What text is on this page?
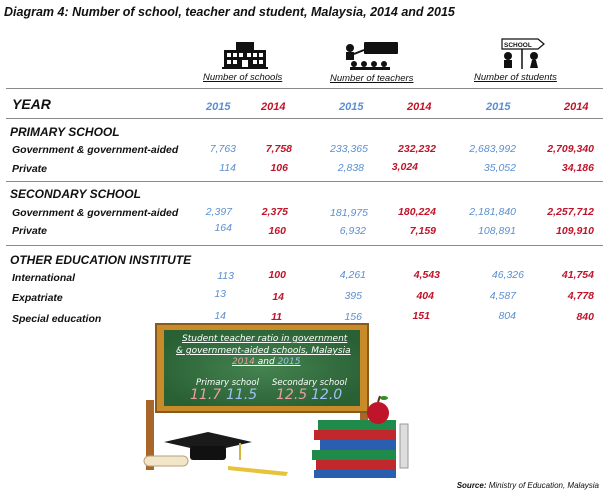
Diagram 4: Number of school, teacher and student, Malaysia, 2014 and 2015
Number of schools	Number of teachers
SCHOOL
Number of students
YEAR	2015	2014	2015	2014	2015	2014
PRIMARY SCHOOL
Government & government-aided	7,763	7,758	233,365	232,232	2,683,992	2,709,340
Private	114	106	2,838	3,024	35,052	34,186
SECONDARY SCHOOL
Government & government-aided	2,397	2,375	181,975	180,224	2,181,840	2,257,712
Private	164	160	6,932	7,159	108,891	109,910
OTHER EDUCATION INSTITUTE
International	113	100	4,261	4,543	46,326	41,754
Expatriate	13	14	395	404	4,587	4,778
Special education	14	11	156	151	804	840
Student teacher ratio in government
& government-aided schools, Malaysia
2014 and 2015
Primary school Secondary school
11.7 11.5 12.5 12.0
Source: Ministry of Education, Malaysia
